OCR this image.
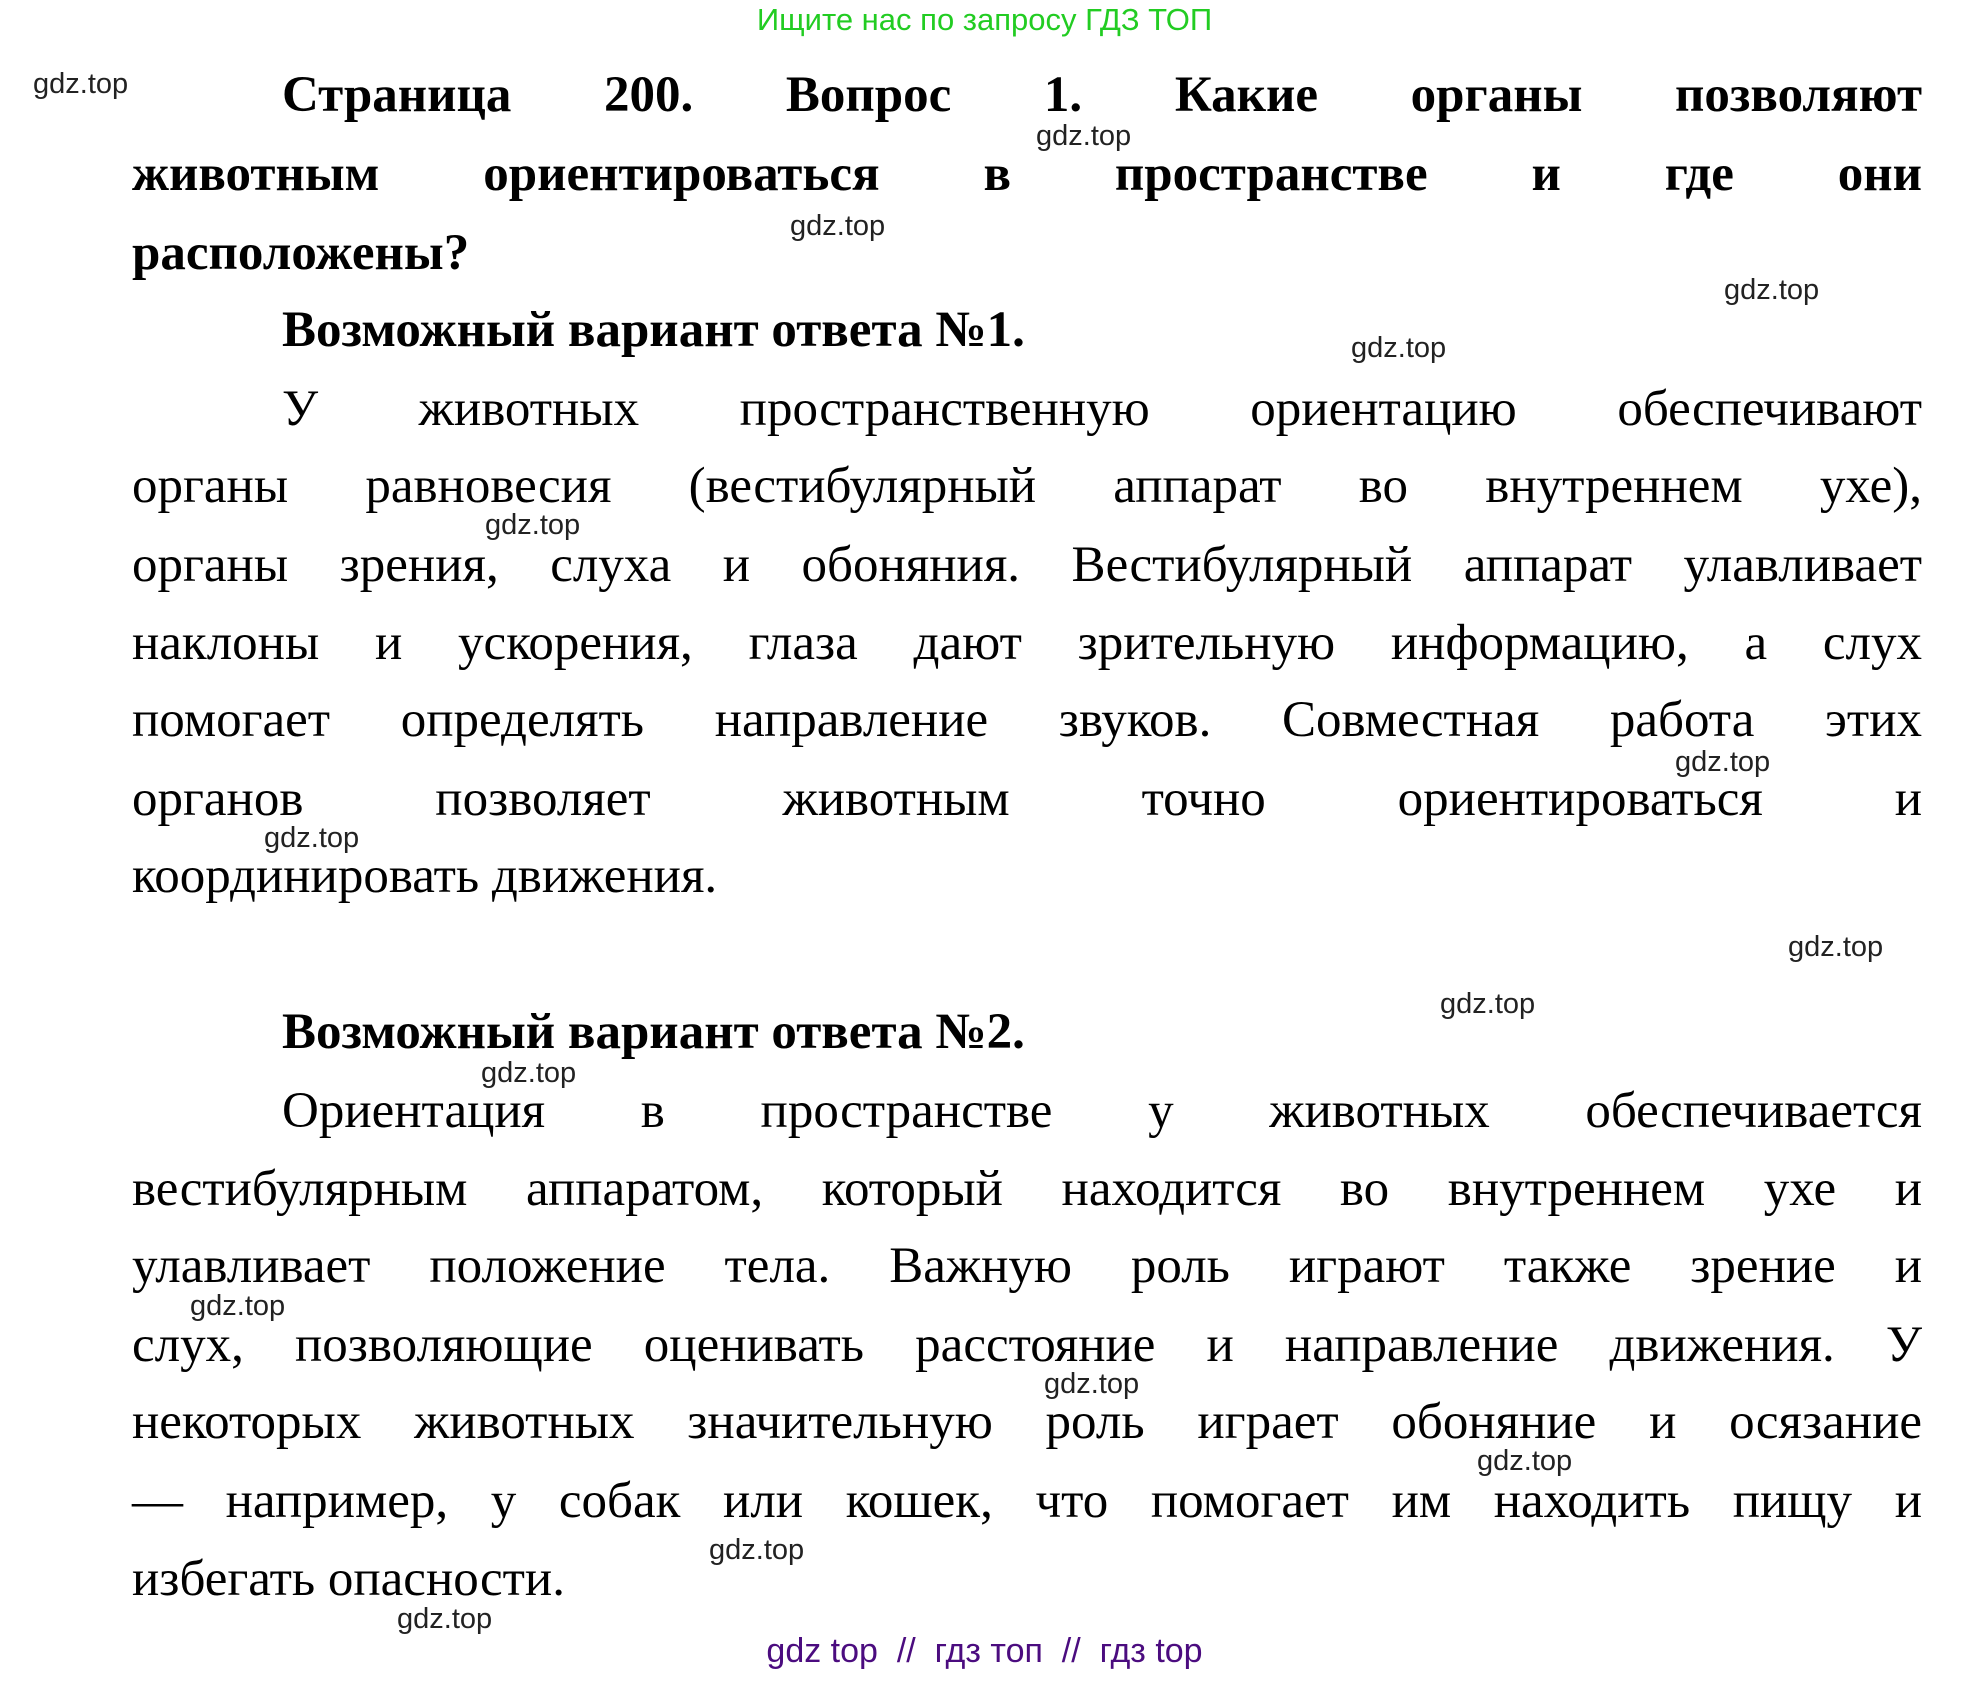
Ищите нас по запросу ГДЗ ТОП
Страница 200. Вопрос 1. Какие органы позволяют
животным ориентироваться в пространстве и где они
расположены?
Возможный вариант ответа №1.
У животных пространственную ориентацию обеспечивают
органы равновесия (вестибулярный аппарат во внутреннем ухе),
органы зрения, слуха и обоняния. Вестибулярный аппарат улавливает
наклоны и ускорения, глаза дают зрительную информацию, а слух
помогает определять направление звуков. Совместная работа этих
органов позволяет животным точно ориентироваться и
координировать движения.
Возможный вариант ответа №2.
Ориентация в пространстве у животных обеспечивается
вестибулярным аппаратом, который находится во внутреннем ухе и
улавливает положение тела. Важную роль играют также зрение и
слух, позволяющие оценивать расстояние и направление движения. У
некоторых животных значительную роль играет обоняние и осязание
— например, у собак или кошек, что помогает им находить пищу и
избегать опасности.
gdz.top
gdz.top
gdz.top
gdz.top
gdz.top
gdz.top
gdz.top
gdz.top
gdz.top
gdz.top
gdz.top
gdz.top
gdz.top
gdz.top
gdz.top
gdz.top
gdz top  //  гдз топ  //  гдз top
